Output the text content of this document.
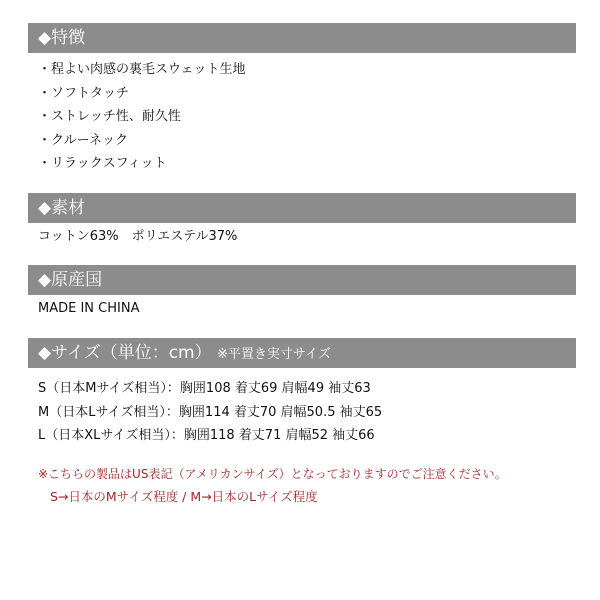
◆特徴
・程よい肉感の裏毛スウェット生地
・ソフトタッチ
・ストレッチ性、耐久性
・クルーネック
・リラックスフィット
◆素材
コットン63%　ポリエステル37%
◆原産国
MADE IN CHINA
◆サイズ（単位：cm） ※平置き実寸サイズ
S（日本Mサイズ相当）：胸囲108 着丈69 肩幅49 袖丈63
M（日本Lサイズ相当）：胸囲114 着丈70 肩幅50.5 袖丈65
L（日本XLサイズ相当）：胸囲118 着丈71 肩幅52 袖丈66
※こちらの製品はUS表記（アメリカンサイズ）となっておりますのでご注意ください。
S→日本のMサイズ程度 / M→日本のLサイズ程度
